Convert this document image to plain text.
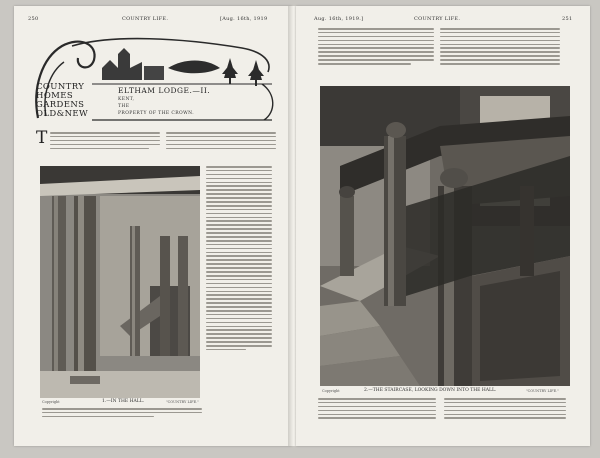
250	COUNTRY LIFE.	[Aug. 16th, 1919
COUNTRY
HOMES
GARDENS
OLD&NEW
ELTHAM LODGE.—II.
KENT,
THE
PROPERTY OF THE CROWN.
T
Copyright	1.—IN THE HALL.	"COUNTRY LIFE."
Aug. 16th, 1919.]	COUNTRY LIFE.	251
2.—THE STAIRCASE, LOOKING DOWN INTO THE HALL.
Copyright	"COUNTRY LIFE."
